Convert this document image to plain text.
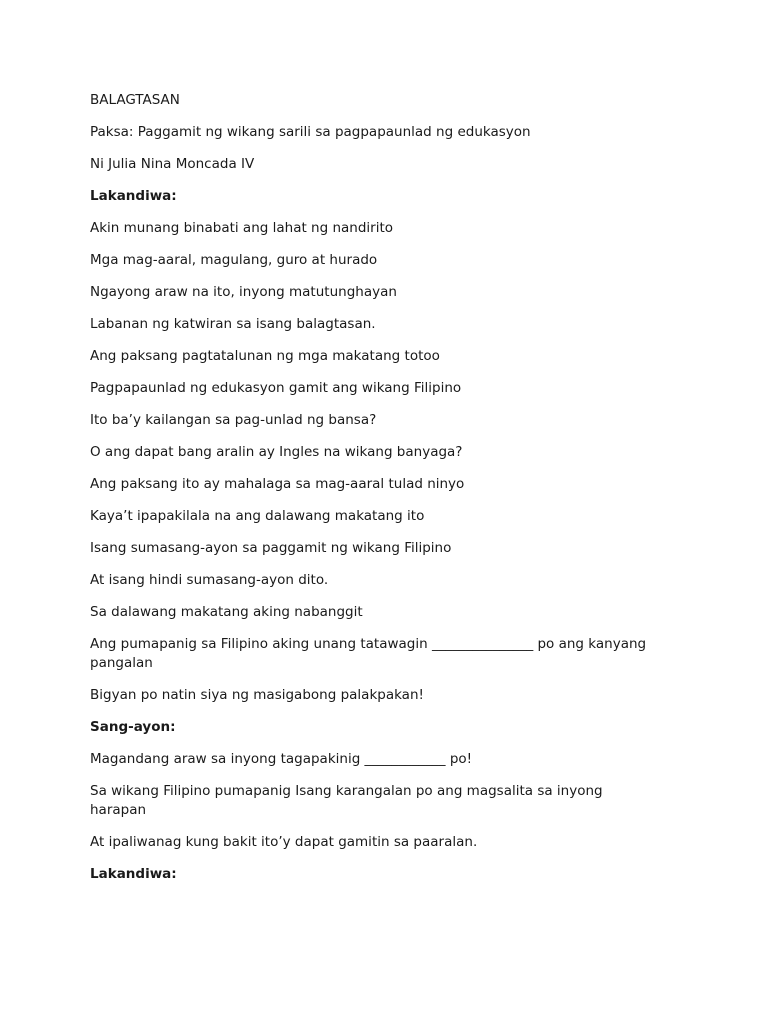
BALAGTASAN

Paksa: Paggamit ng wikang sarili sa pagpapaunlad ng edukasyon

Ni Julia Nina Moncada IV

Lakandiwa:

Akin munang binabati ang lahat ng nandirito

Mga mag-aaral, magulang, guro at hurado

Ngayong araw na ito, inyong matutunghayan

Labanan ng katwiran sa isang balagtasan.

Ang paksang pagtatalunan ng mga makatang totoo

Pagpapaunlad ng edukasyon gamit ang wikang Filipino

Ito ba’y kailangan sa pag-unlad ng bansa?

O ang dapat bang aralin ay Ingles na wikang banyaga?

Ang paksang ito ay mahalaga sa mag-aaral tulad ninyo

Kaya’t ipapakilala na ang dalawang makatang ito

Isang sumasang-ayon sa paggamit ng wikang Filipino

At isang hindi sumasang-ayon dito.

Sa dalawang makatang aking nabanggit

Ang pumapanig sa Filipino aking unang tatawagin _______________ po ang kanyang pangalan

Bigyan po natin siya ng masigabong palakpakan!

Sang-ayon:

Magandang araw sa inyong tagapakinig ____________ po!

Sa wikang Filipino pumapanig Isang karangalan po ang magsalita sa inyong harapan

At ipaliwanag kung bakit ito’y dapat gamitin sa paaralan.

Lakandiwa:
